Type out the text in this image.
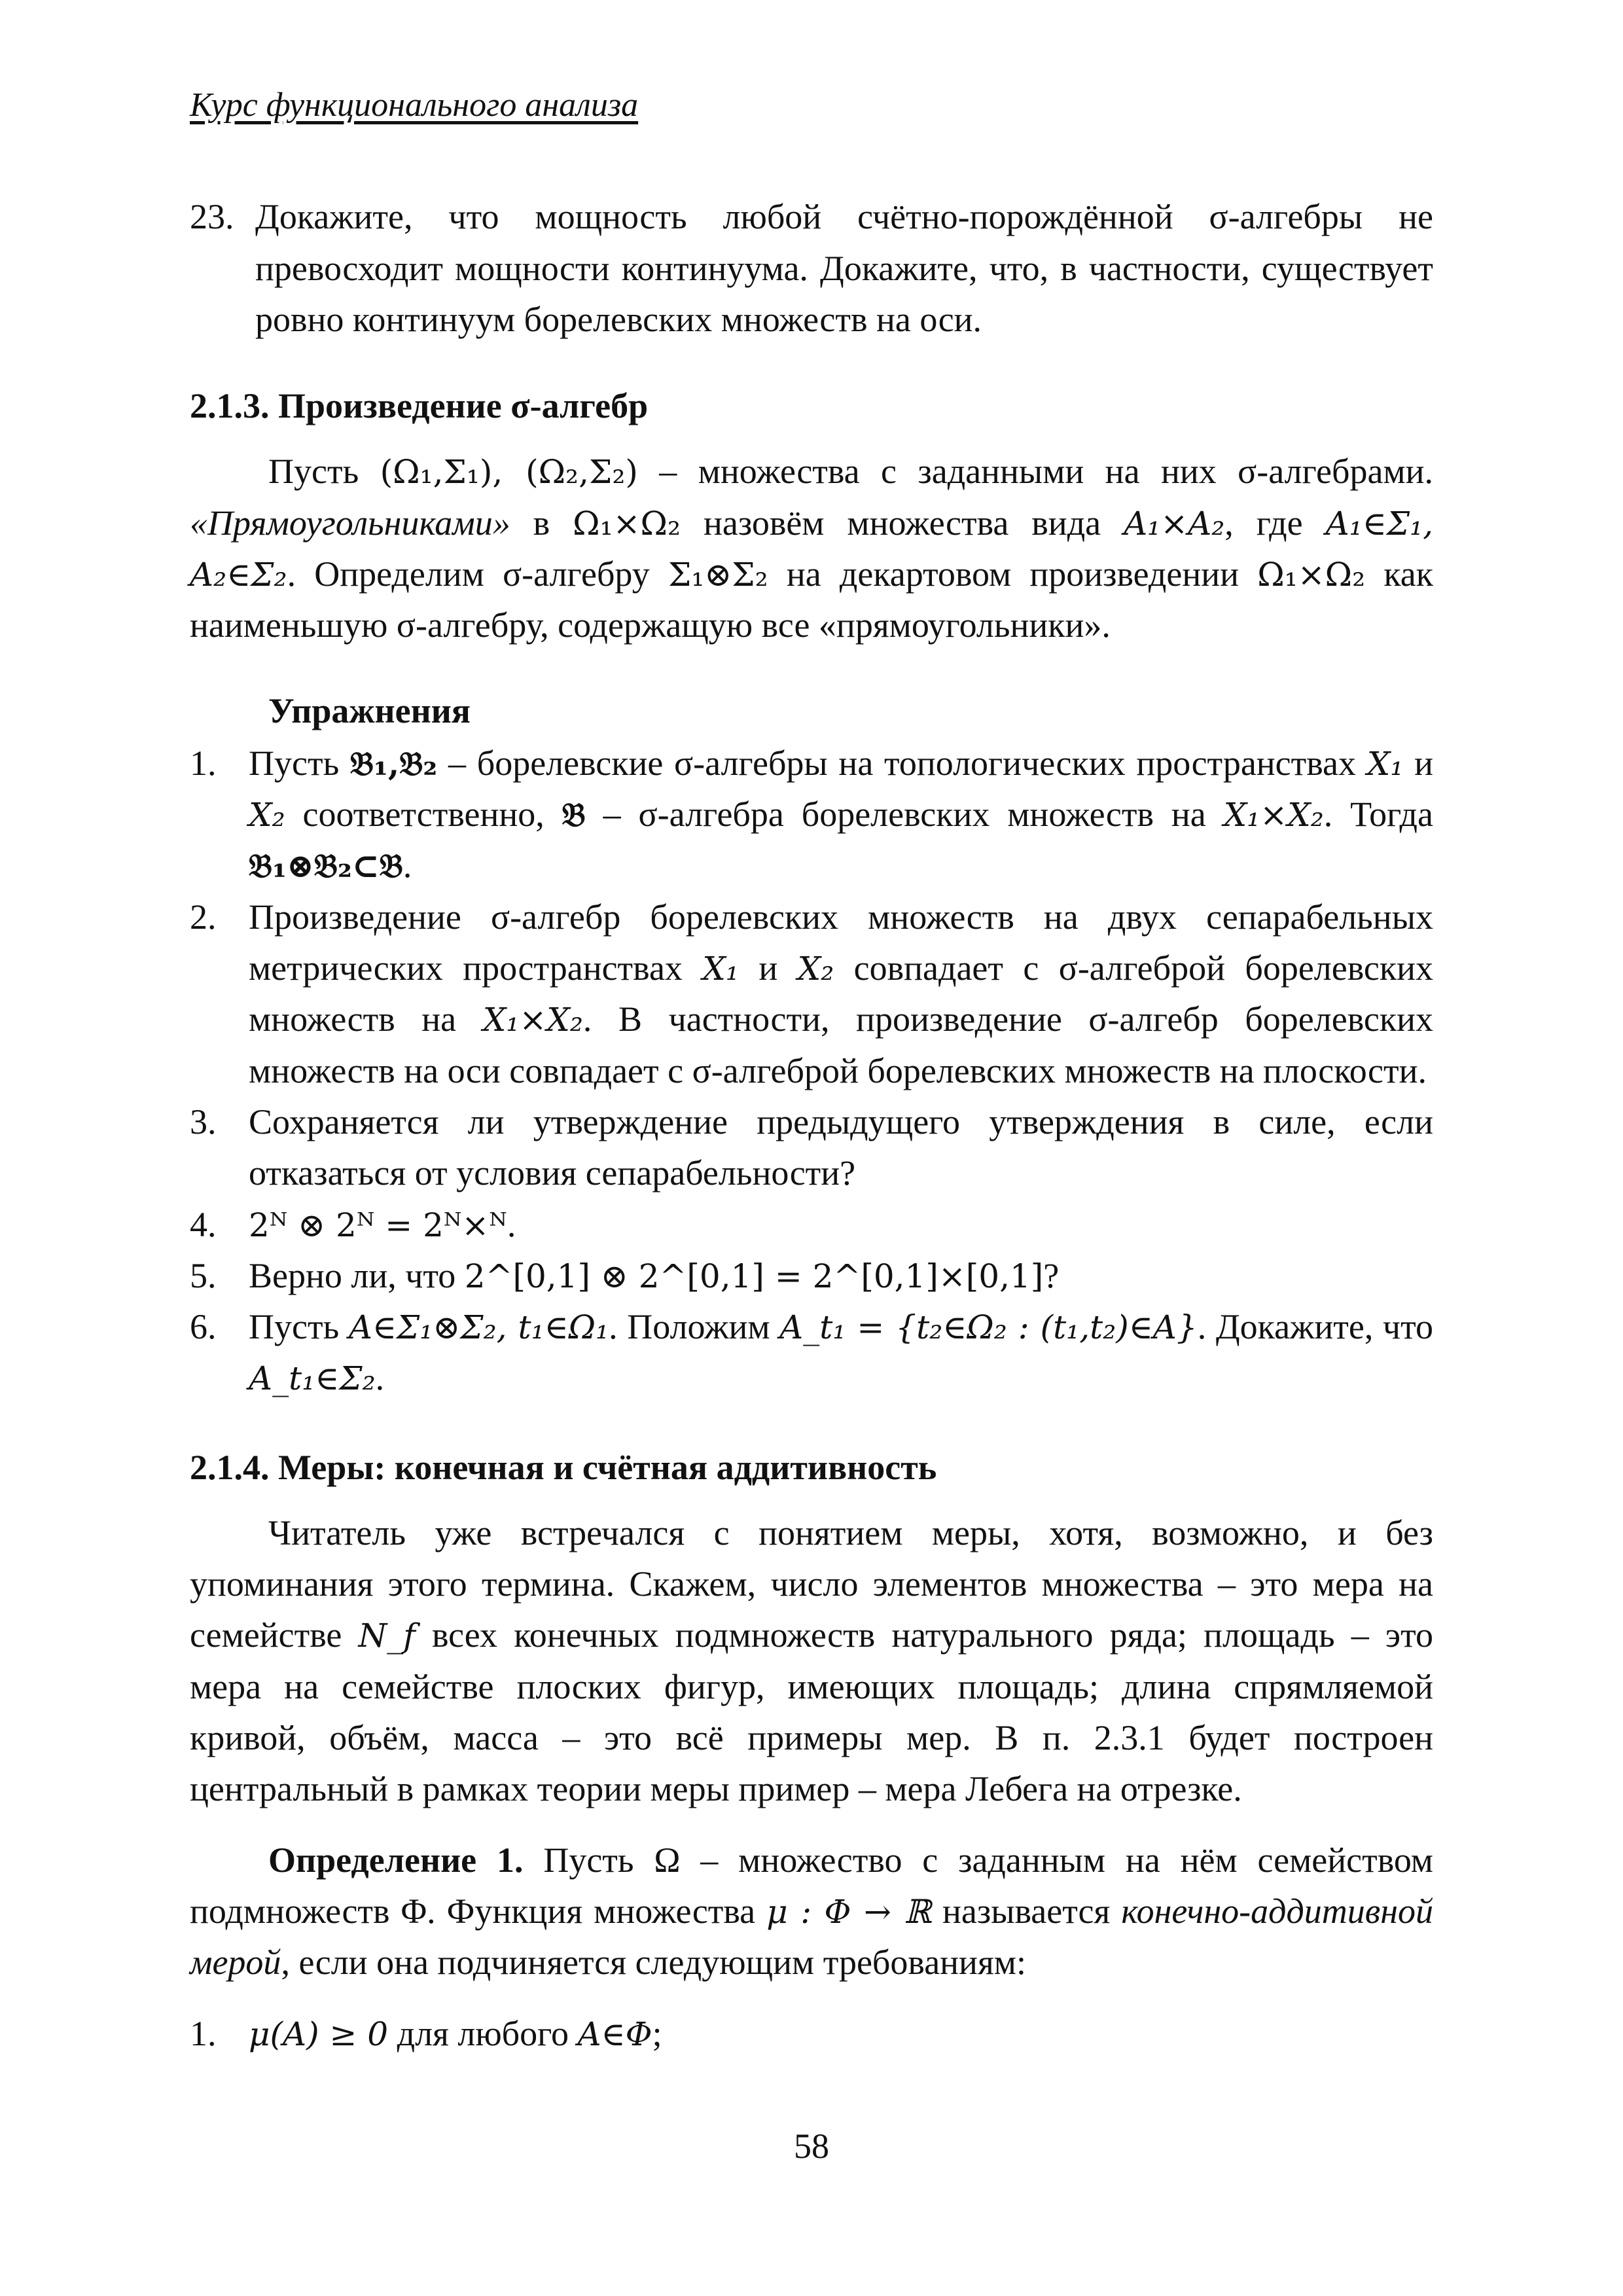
Курс функционального анализа
23. Докажите, что мощность любой счётно-порождённой σ-алгебры не превосходит мощности континуума. Докажите, что, в частности, существует ровно континуум борелевских множеств на оси.
2.1.3. Произведение σ-алгебр

Пусть (Ω₁,Σ₁), (Ω₂,Σ₂) – множества с заданными на них σ-алгебрами. «Прямоугольниками» в Ω₁×Ω₂ назовём множества вида A₁×A₂, где A₁∈Σ₁, A₂∈Σ₂. Определим σ-алгебру Σ₁⊗Σ₂ на декартовом произведении Ω₁×Ω₂ как наименьшую σ-алгебру, содержащую все «прямоугольники».

Упражнения
1. Пусть 𝔅₁,𝔅₂ – борелевские σ-алгебры на топологических пространствах X₁ и X₂ соответственно, 𝔅 – σ-алгебра борелевских множеств на X₁×X₂. Тогда 𝔅₁⊗𝔅₂⊂𝔅.
2. Произведение σ-алгебр борелевских множеств на двух сепарабельных метрических пространствах X₁ и X₂ совпадает с σ-алгеброй борелевских множеств на X₁×X₂. В частности, произведение σ-алгебр борелевских множеств на оси совпадает с σ-алгеброй борелевских множеств на плоскости.
3. Сохраняется ли утверждение предыдущего утверждения в силе, если отказаться от условия сепарабельности?
4. 2ᴺ ⊗ 2ᴺ = 2ᴺ×ᴺ.
5. Верно ли, что 2^[0,1] ⊗ 2^[0,1] = 2^[0,1]×[0,1]?
6. Пусть A∈Σ₁⊗Σ₂, t₁∈Ω₁. Положим A_t₁ = {t₂∈Ω₂ : (t₁,t₂)∈A}. Докажите, что A_t₁∈Σ₂.
2.1.4. Меры: конечная и счётная аддитивность

Читатель уже встречался с понятием меры, хотя, возможно, и без упоминания этого термина. Скажем, число элементов множества – это мера на семействе N_f всех конечных подмножеств натурального ряда; площадь – это мера на семействе плоских фигур, имеющих площадь; длина спрямляемой кривой, объём, масса – это всё примеры мер. В п. 2.3.1 будет построен центральный в рамках теории меры пример – мера Лебега на отрезке.

Определение 1. Пусть Ω – множество с заданным на нём семейством подмножеств Φ. Функция множества μ : Φ → ℝ называется конечно-аддитивной мерой, если она подчиняется следующим требованиям:

1. μ(A) ≥ 0 для любого A∈Φ;
58
